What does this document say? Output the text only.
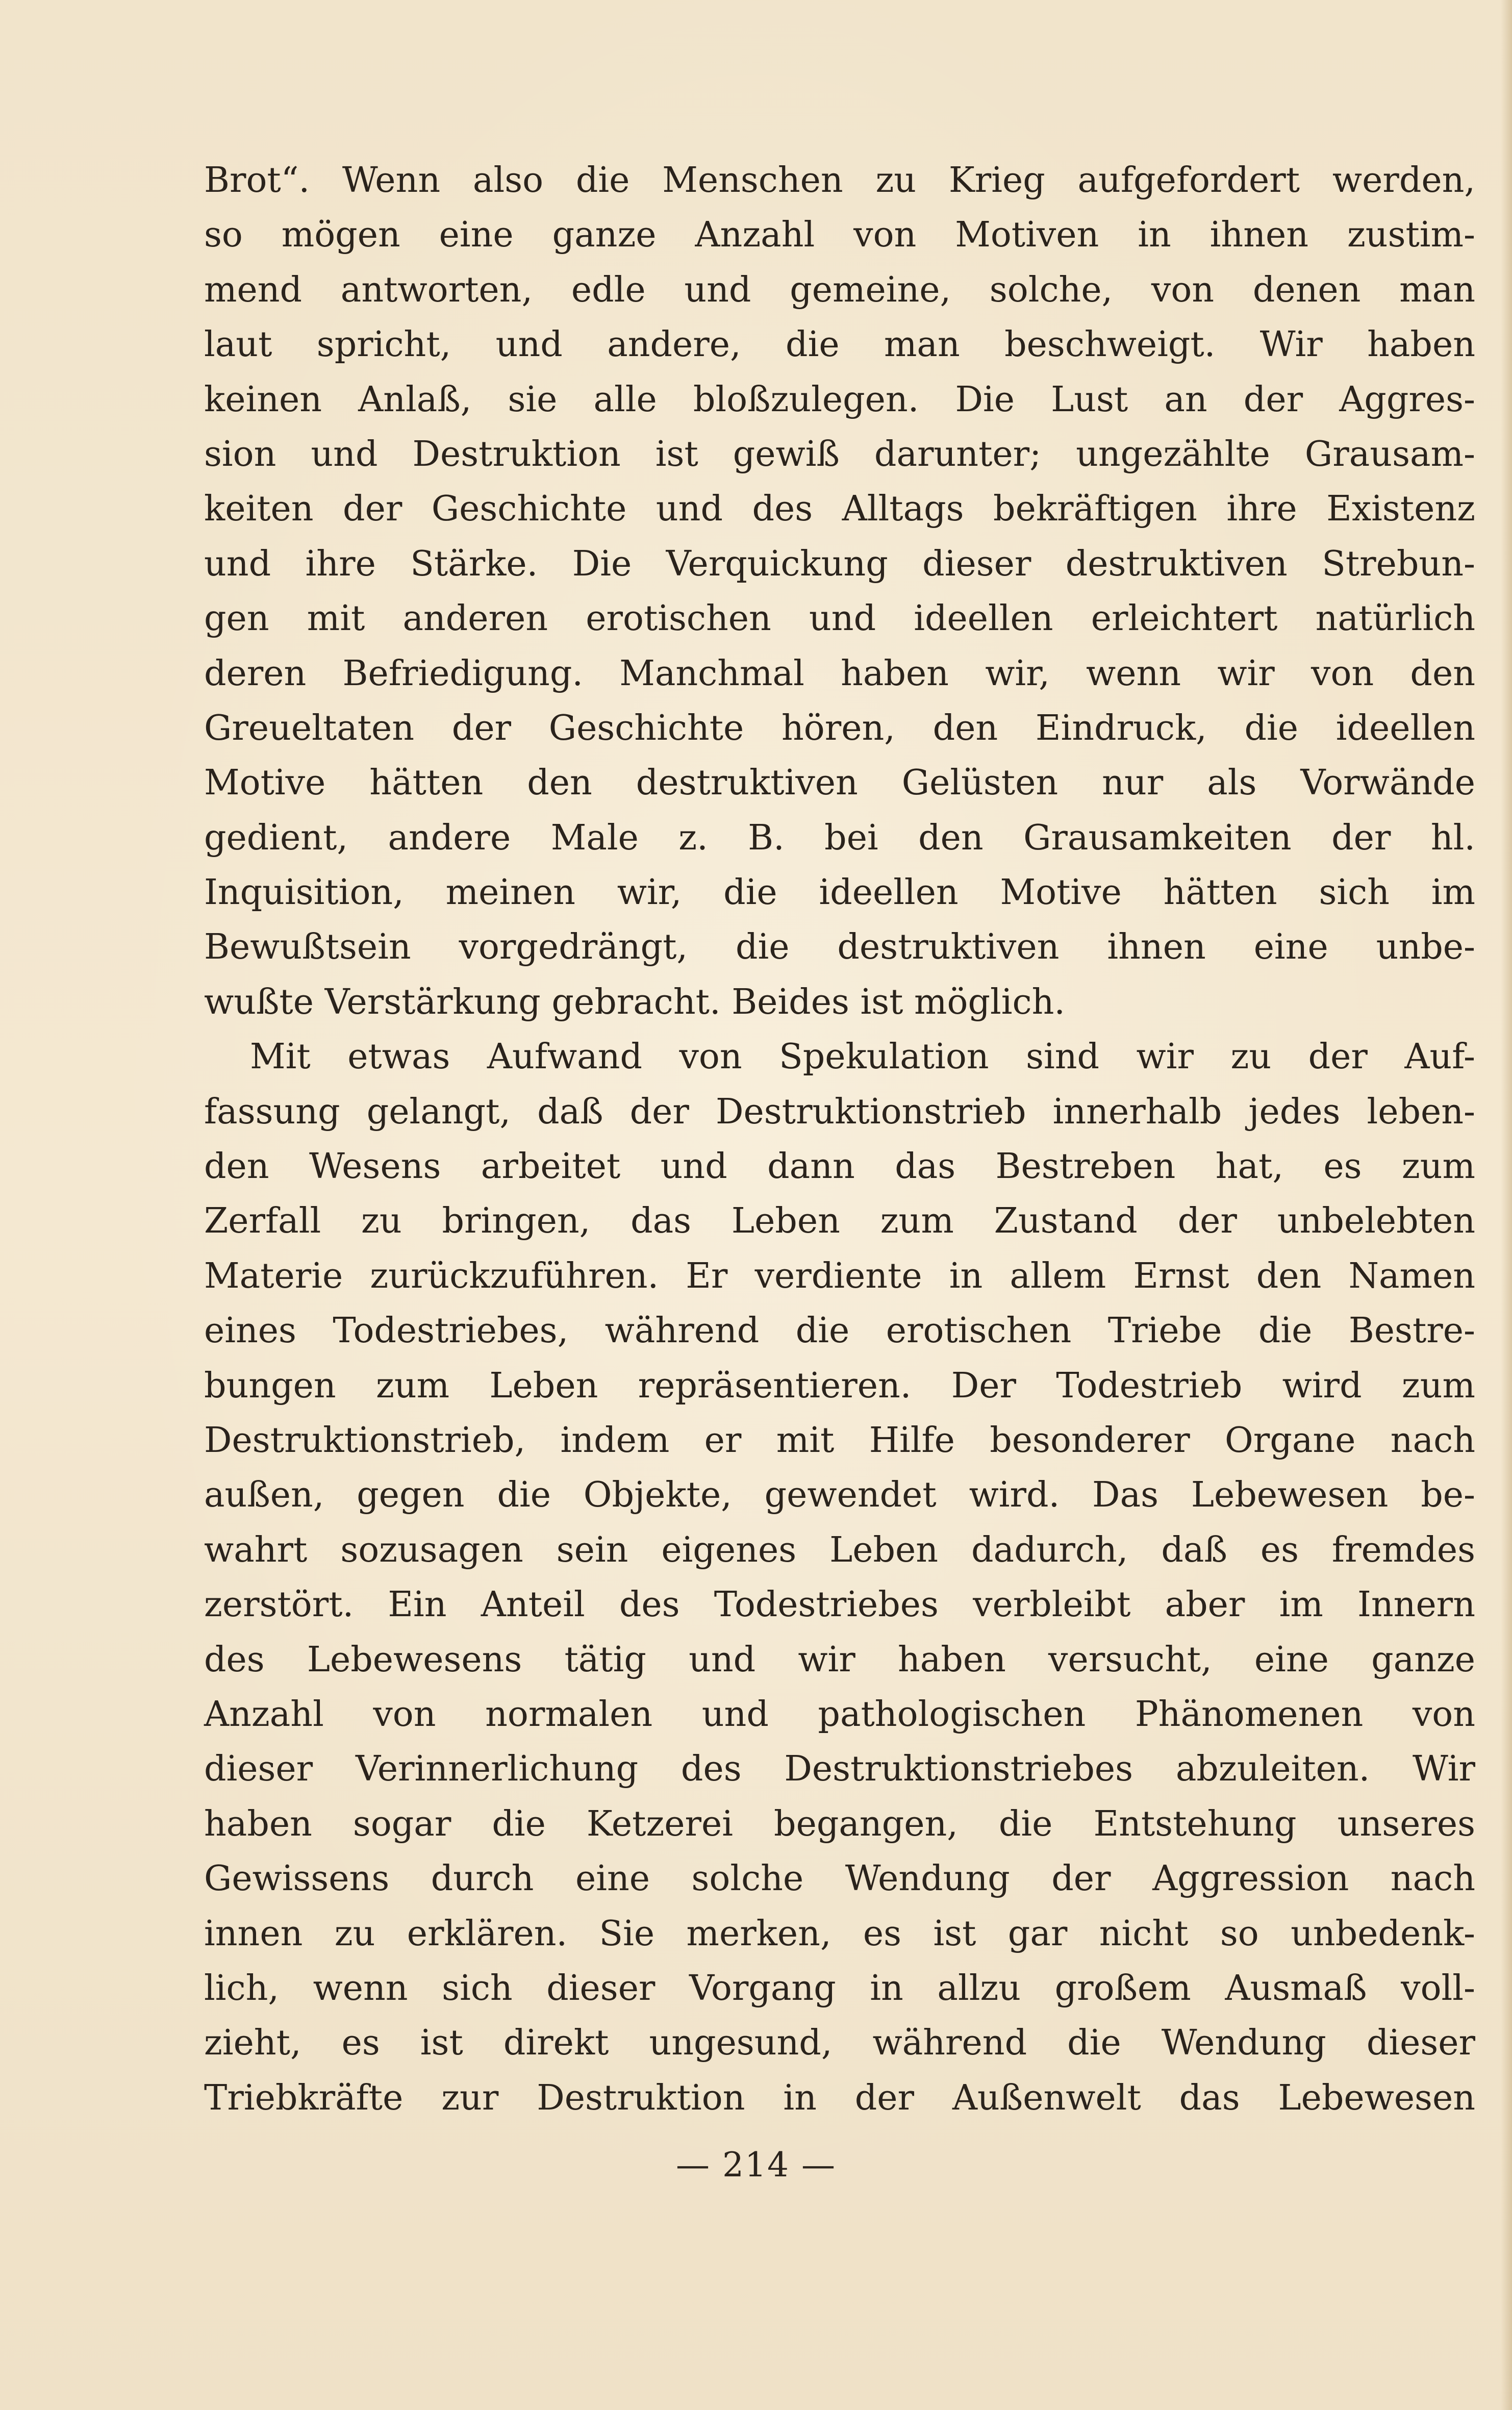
Brot“. Wenn also die Menschen zu Krieg aufgefordert werden,
so mögen eine ganze Anzahl von Motiven in ihnen zustim-
mend antworten, edle und gemeine, solche, von denen man
laut spricht, und andere, die man beschweigt. Wir haben
keinen Anlaß, sie alle bloßzulegen. Die Lust an der Aggres-
sion und Destruktion ist gewiß darunter; ungezählte Grausam-
keiten der Geschichte und des Alltags bekräftigen ihre Existenz
und ihre Stärke. Die Verquickung dieser destruktiven Strebun-
gen mit anderen erotischen und ideellen erleichtert natürlich
deren Befriedigung. Manchmal haben wir, wenn wir von den
Greueltaten der Geschichte hören, den Eindruck, die ideellen
Motive hätten den destruktiven Gelüsten nur als Vorwände
gedient, andere Male z. B. bei den Grausamkeiten der hl.
Inquisition, meinen wir, die ideellen Motive hätten sich im
Bewußtsein vorgedrängt, die destruktiven ihnen eine unbe-
wußte Verstärkung gebracht. Beides ist möglich.
Mit etwas Aufwand von Spekulation sind wir zu der Auf-
fassung gelangt, daß der Destruktionstrieb innerhalb jedes leben-
den Wesens arbeitet und dann das Bestreben hat, es zum
Zerfall zu bringen, das Leben zum Zustand der unbelebten
Materie zurückzuführen. Er verdiente in allem Ernst den Namen
eines Todestriebes, während die erotischen Triebe die Bestre-
bungen zum Leben repräsentieren. Der Todestrieb wird zum
Destruktionstrieb, indem er mit Hilfe besonderer Organe nach
außen, gegen die Objekte, gewendet wird. Das Lebewesen be-
wahrt sozusagen sein eigenes Leben dadurch, daß es fremdes
zerstört. Ein Anteil des Todestriebes verbleibt aber im Innern
des Lebewesens tätig und wir haben versucht, eine ganze
Anzahl von normalen und pathologischen Phänomenen von
dieser Verinnerlichung des Destruktionstriebes abzuleiten. Wir
haben sogar die Ketzerei begangen, die Entstehung unseres
Gewissens durch eine solche Wendung der Aggression nach
innen zu erklären. Sie merken, es ist gar nicht so unbedenk-
lich, wenn sich dieser Vorgang in allzu großem Ausmaß voll-
zieht, es ist direkt ungesund, während die Wendung dieser
Triebkräfte zur Destruktion in der Außenwelt das Lebewesen
— 214 —
